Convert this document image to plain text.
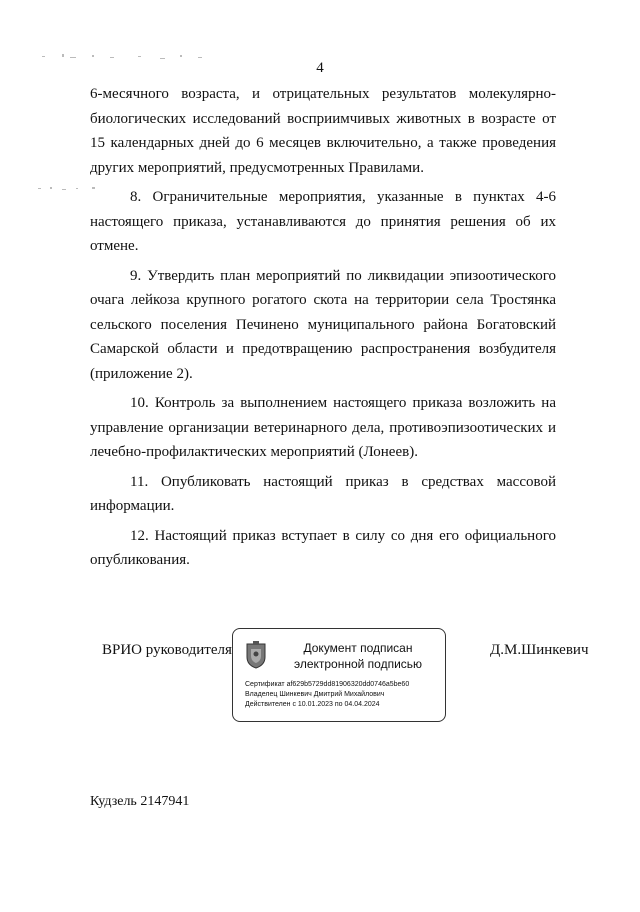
4

6-месячного возраста, и отрицательных результатов молекулярно-биологических исследований восприимчивых животных в возрасте от 15 календарных дней до 6 месяцев включительно, а также проведения других мероприятий, предусмотренных Правилами.

8. Ограничительные мероприятия, указанные в пунктах 4-6 настоящего приказа, устанавливаются до принятия решения об их отмене.

9. Утвердить план мероприятий по ликвидации эпизоотического очага лейкоза крупного рогатого скота на территории села Тростянка сельского поселения Печинено муниципального района Богатовский Самарской области и предотвращению распространения возбудителя (приложение 2).

10. Контроль за выполнением настоящего приказа возложить на управление организации ветеринарного дела, противоэпизоотических и лечебно-профилактических мероприятий (Лонеев).

11. Опубликовать настоящий приказ в средствах массовой информации.

12. Настоящий приказ вступает в силу со дня его официального опубликования.

ВРИО руководителя	Документ подписан
электронной подписью
Сертификат af629b5729dd81906320dd0746a5be60
Владелец Шинкевич Дмитрий Михайлович
Действителен с 10.01.2023 по 04.04.2024
Д.М.Шинкевич
Кудзель 2147941
